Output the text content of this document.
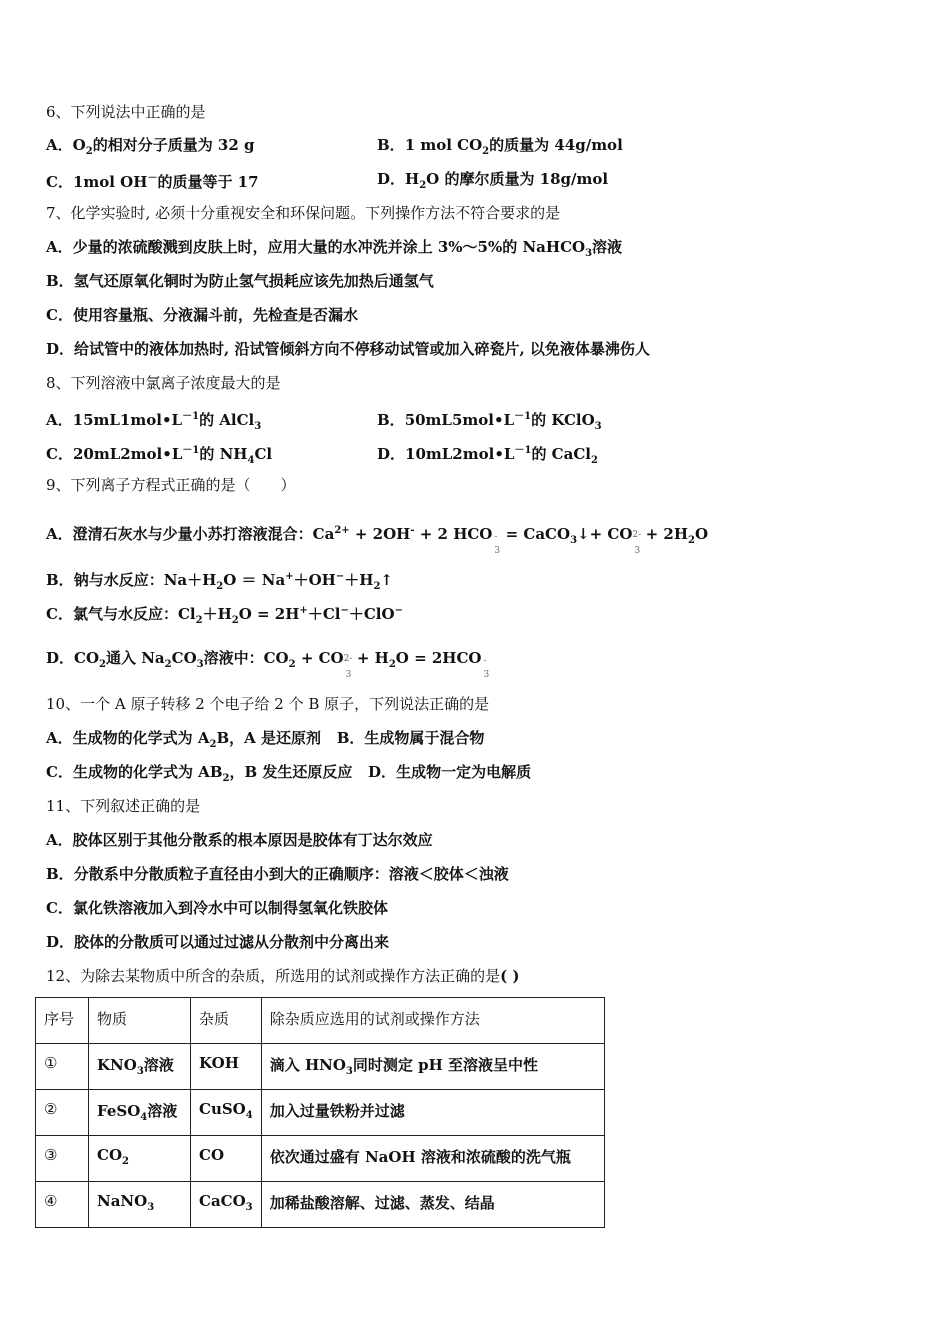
6、下列说法中正确的是
A．$O_2$的相对分子质量为 32 g	B．1 mol $CO_2$的质量为 44g/mol
C．1mol OH－的质量等于 17	D．$H_2O$ 的摩尔质量为 18g/mol
7、化学实验时, 必须十分重视安全和环保问题。下列操作方法不符合要求的是
A．少量的浓硫酸溅到皮肤上时，应用大量的水冲洗并涂上 3%～5%的 NaHCO$_3$溶液
B．氢气还原氧化铜时为防止氢气损耗应该先加热后通氢气
C．使用容量瓶、分液漏斗前，先检查是否漏水
D．给试管中的液体加热时, 沿试管倾斜方向不停移动试管或加入碎瓷片, 以免液体暴沸伤人
8、下列溶液中氯离子浓度最大的是
A．$15mL1mol•L^{-1}$的 AlCl$_3$	B．$50mL5mol•L^{-1}$的 KClO$_3$
C．$20mL2mol•L^{-1}$的 $NH_4Cl$	D．$10mL2mol•L^{-1}$的 CaCl$_2$
9、下列离子方程式正确的是（　　）
A．澄清石灰水与少量小苏打溶液混合：$Ca^{2+} + 2OH^- + 2$ HCO -
3
= CaCO$_3$↓+ CO 2-
3
+ $2H_2O$
B．钠与水反应：$Na+H_2O$ ＝ $Na^++OH^-+H_2↑$
C．氯气与水反应：$Cl_2+H_2O = 2H^++Cl^-+ClO^-$
D．$CO_2$通入 $Na_2CO_3$溶液中：$CO_2$ + CO 2-
3
+ $H_2O = 2HCO$ -
3
10、一个 A 原子转移 2 个电子给 2 个 B 原子，下列说法正确的是
A．生成物的化学式为 $A_2B$，A 是还原剂 B．生成物属于混合物
C．生成物的化学式为 $AB_2$，B 发生还原反应 D．生成物一定为电解质
11、下列叙述正确的是
A．胶体区别于其他分散系的根本原因是胶体有丁达尔效应
B．分散系中分散质粒子直径由小到大的正确顺序：溶液＜胶体＜浊液
C．氯化铁溶液加入到冷水中可以制得氢氧化铁胶体
D．胶体的分散质可以通过过滤从分散剂中分离出来
12、为除去某物质中所含的杂质，所选用的试剂或操作方法正确的是( )
序号	物质	杂质	除杂质应选用的试剂或操作方法
①	$KNO_3$溶液	KOH	滴入 $HNO_3$同时测定 pH 至溶液呈中性
②	FeSO$_4$溶液	CuSO$_4$	加入过量铁粉并过滤
③	$CO_2$	CO	依次通过盛有 NaOH 溶液和浓硫酸的洗气瓶
④	NaNO$_3$	CaCO$_3$	加稀盐酸溶解、过滤、蒸发、结晶
